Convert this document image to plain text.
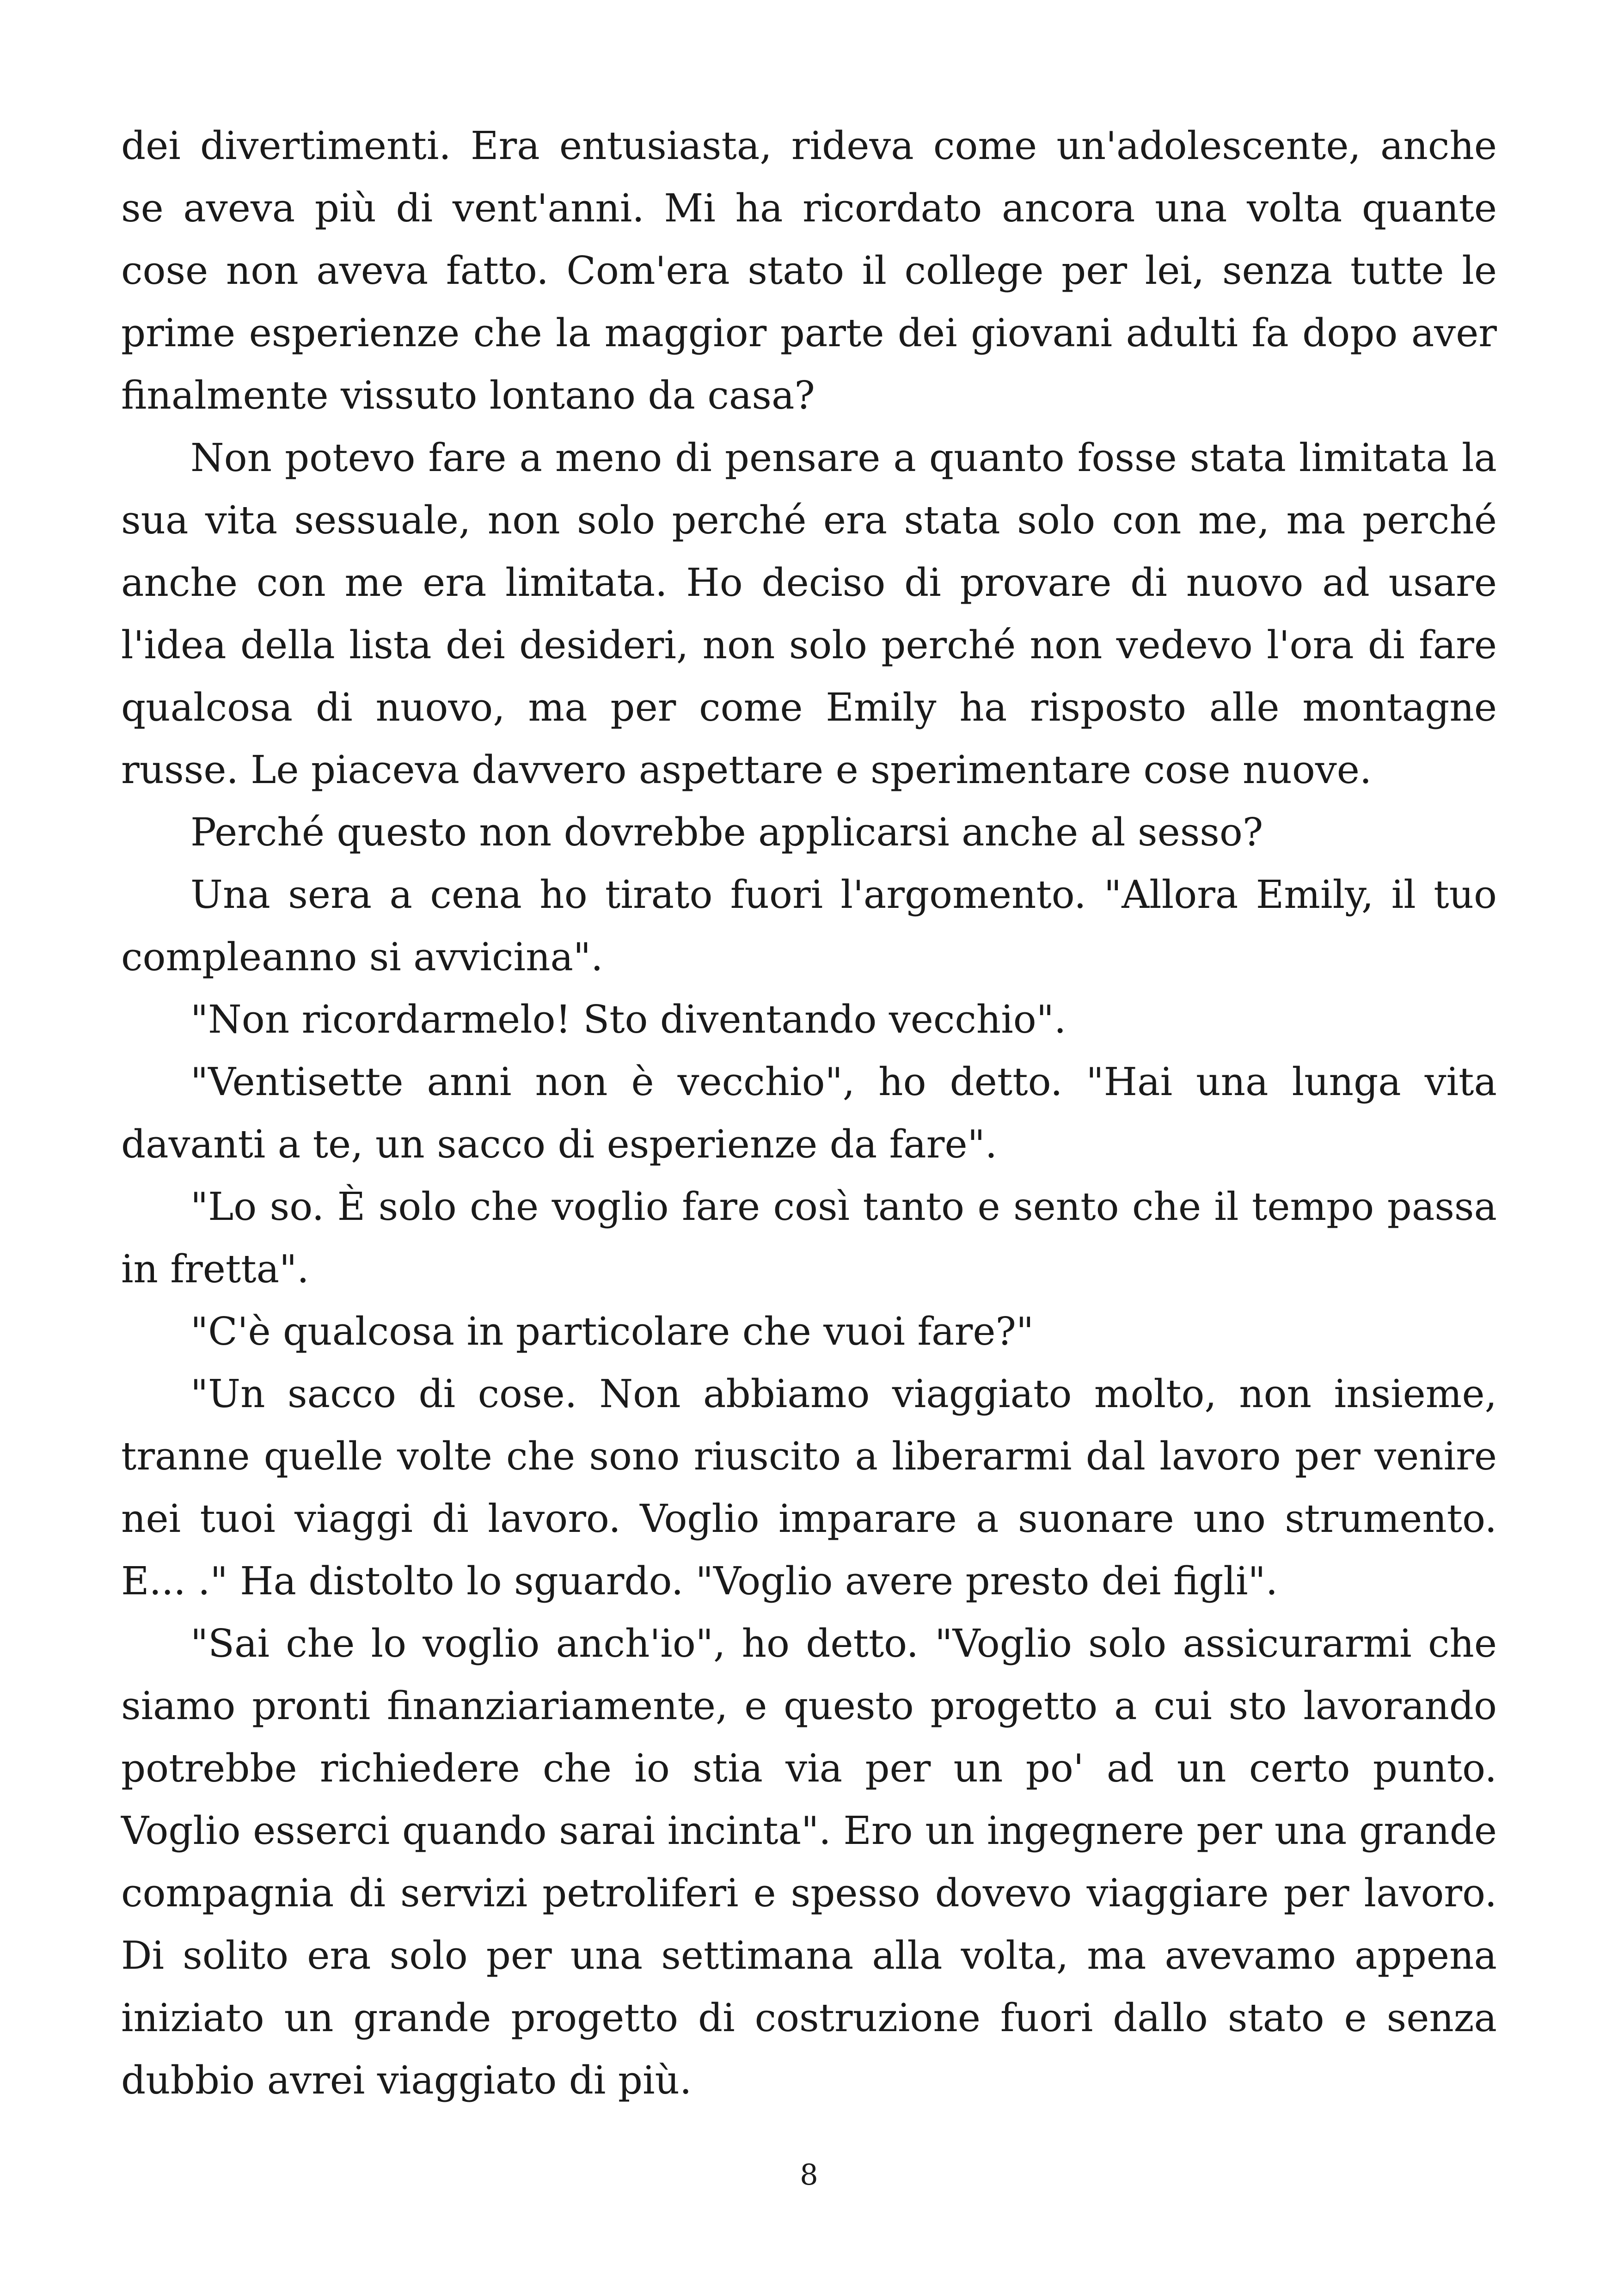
dei divertimenti. Era entusiasta, rideva come un'adolescente, anche se aveva più di vent'anni. Mi ha ricordato ancora una volta quante cose non aveva fatto. Com'era stato il college per lei, senza tutte le prime esperienze che la maggior parte dei giovani adulti fa dopo aver finalmente vissuto lontano da casa?

Non potevo fare a meno di pensare a quanto fosse stata limitata la sua vita sessuale, non solo perché era stata solo con me, ma perché anche con me era limitata. Ho deciso di provare di nuovo ad usare l'idea della lista dei desideri, non solo perché non vedevo l'ora di fare qualcosa di nuovo, ma per come Emily ha risposto alle montagne russe. Le piaceva davvero aspettare e sperimentare cose nuove.

Perché questo non dovrebbe applicarsi anche al sesso?

Una sera a cena ho tirato fuori l'argomento. "Allora Emily, il tuo compleanno si avvicina".

"Non ricordarmelo! Sto diventando vecchio".

"Ventisette anni non è vecchio", ho detto. "Hai una lunga vita davanti a te, un sacco di esperienze da fare".

"Lo so. È solo che voglio fare così tanto e sento che il tempo passa in fretta".

"C'è qualcosa in particolare che vuoi fare?"

"Un sacco di cose. Non abbiamo viaggiato molto, non insieme, tranne quelle volte che sono riuscito a liberarmi dal lavoro per venire nei tuoi viaggi di lavoro. Voglio imparare a suonare uno strumento. E... ." Ha distolto lo sguardo. "Voglio avere presto dei figli".

"Sai che lo voglio anch'io", ho detto. "Voglio solo assicurarmi che siamo pronti finanziariamente, e questo progetto a cui sto lavorando potrebbe richiedere che io stia via per un po' ad un certo punto. Voglio esserci quando sarai incinta". Ero un ingegnere per una grande compagnia di servizi petroliferi e spesso dovevo viaggiare per lavoro. Di solito era solo per una settimana alla volta, ma avevamo appena iniziato un grande progetto di costruzione fuori dallo stato e senza dubbio avrei viaggiato di più.

8
